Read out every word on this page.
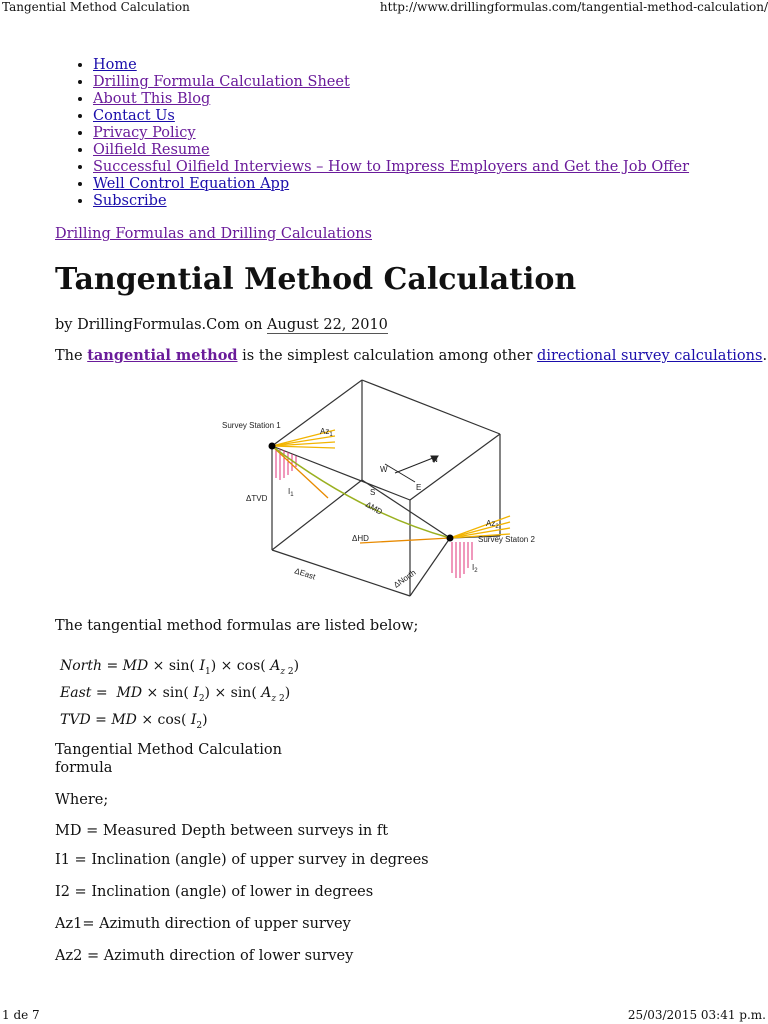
Tangential Method Calculation	http://www.drillingformulas.com/tangential-method-calculation/
• Home
• Drilling Formula Calculation Sheet
• About This Blog
• Contact Us
• Privacy Policy
• Oilfield Resume
• Successful Oilfield Interviews – How to Impress Employers and Get the Job Offer
• Well Control Equation App
• Subscribe
Drilling Formulas and Drilling Calculations
Tangential Method Calculation
by DrillingFormulas.Com on August 22, 2010
The tangential method is the simplest calculation among other directional survey calculations.
Survey Station 1
Survey Staton 2
$Az_1$
$Az_2$
ΔTVD
$I_1$
$I_2$
ΔMD
ΔHD
ΔEast	ΔNorth
N
S
W
E
The tangential method formulas are listed below;
North = MD × sin( $I_1) \times \cos$( $A_{z 2}$)
East =  MD × sin( $I_2) \times \sin$( $A_{z 2}$)
TVD = MD × cos( $I_2$)
Tangential Method Calculation
formula
Where;
MD = Measured Depth between surveys in ft
I1 = Inclination (angle) of upper survey in degrees
I2 = Inclination (angle) of lower in degrees
Az1= Azimuth direction of upper survey
Az2 = Azimuth direction of lower survey
1 de 7	25/03/2015 03:41 p.m.
